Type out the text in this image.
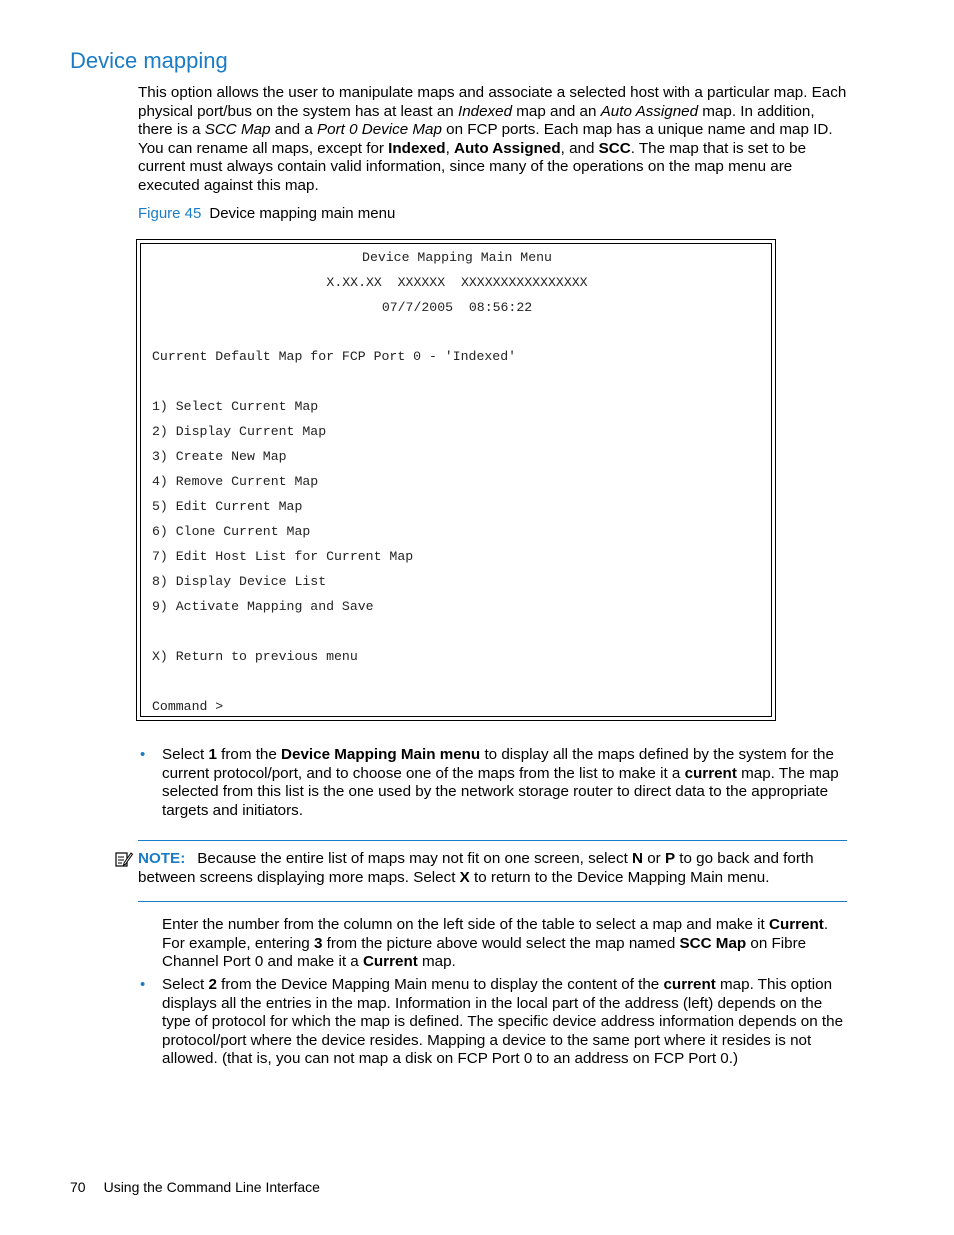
Device mapping

This option allows the user to manipulate maps and associate a selected host with a particular map. Each physical port/bus on the system has at least an Indexed map and an Auto Assigned map. In addition, there is a SCC Map and a Port 0 Device Map on FCP ports. Each map has a unique name and map ID. You can rename all maps, except for Indexed, Auto Assigned, and SCC. The map that is set to be current must always contain valid information, since many of the operations on the map menu are executed against this map.

Figure 45 Device mapping main menu
Device Mapping Main Menu
X.XX.XX  XXXXXX  XXXXXXXXXXXXXXXX
07/7/2005  08:56:22
Current Default Map for FCP Port 0 - 'Indexed'
1) Select Current Map
2) Display Current Map
3) Create New Map
4) Remove Current Map
5) Edit Current Map
6) Clone Current Map
7) Edit Host List for Current Map
8) Display Device List
9) Activate Mapping and Save
X) Return to previous menu
Command >
• Select 1 from the Device Mapping Main menu to display all the maps defined by the system for the current protocol/port, and to choose one of the maps from the list to make it a current map. The map selected from this list is the one used by the network storage router to direct data to the appropriate targets and initiators.

NOTE: Because the entire list of maps may not fit on one screen, select N or P to go back and forth between screens displaying more maps. Select X to return to the Device Mapping Main menu.

Enter the number from the column on the left side of the table to select a map and make it Current. For example, entering 3 from the picture above would select the map named SCC Map on Fibre Channel Port 0 and make it a Current map.

• Select 2 from the Device Mapping Main menu to display the content of the current map. This option displays all the entries in the map. Information in the local part of the address (left) depends on the type of protocol for which the map is defined. The specific device address information depends on the protocol/port where the device resides. Mapping a device to the same port where it resides is not allowed. (that is, you can not map a disk on FCP Port 0 to an address on FCP Port 0.)

70 Using the Command Line Interface
